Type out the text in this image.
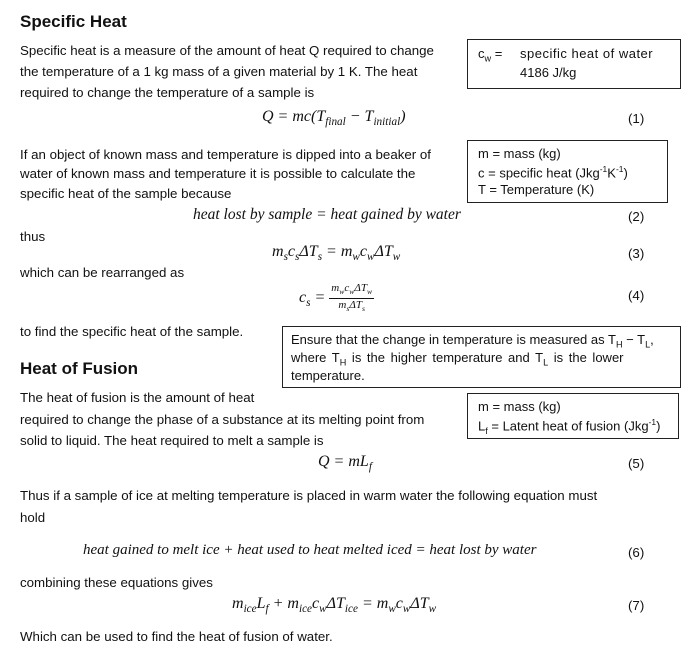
Specific Heat
Specific heat is a measure of the amount of heat Q required to change
the temperature of a 1 kg mass of a given material by 1 K. The heat
required to change the temperature of a sample is
$c_w$ = specific heat of water
4186 J/kg
$Q = mc(T_{final} - T_{initial})$	(1)
If an object of known mass and temperature is dipped into a beaker of
water of known mass and temperature it is possible to calculate the
specific heat of the sample because
m = mass (kg)
c = specific heat $(Jkg^{-1}K^{-1})$
T = Temperature (K)
heat lost by sample = heat gained by water	(2)
thus
$m_sc_s\Delta T_s = m_wc_w\Delta T_w$	(3)
which can be rearranged as
$c_s = \frac{m_wc_w\Delta T_w}{m_s\Delta T_s}$	(4)
to find the specific heat of the sample.
Ensure that the change in temperature is measured as $T_H - T_L$,
where $T_H$ is the higher temperature and $T_L$ is the lower
temperature.
Heat of Fusion
The heat of fusion is the amount of heat
required to change the phase of a substance at its melting point from
solid to liquid. The heat required to melt a sample is
m = mass (kg)
$L_f$ = Latent heat of fusion (Jkg$^{-1}$)
$Q = mL_f$	(5)
Thus if a sample of ice at melting temperature is placed in warm water the following equation must
hold
heat gained to melt ice + heat used to heat melted iced = heat lost by water	(6)
combining these equations gives
$m_{ice}L_f + m_{ice}c_w\Delta T_{ice} = m_wc_w\Delta T_w$	(7)
Which can be used to find the heat of fusion of water.
